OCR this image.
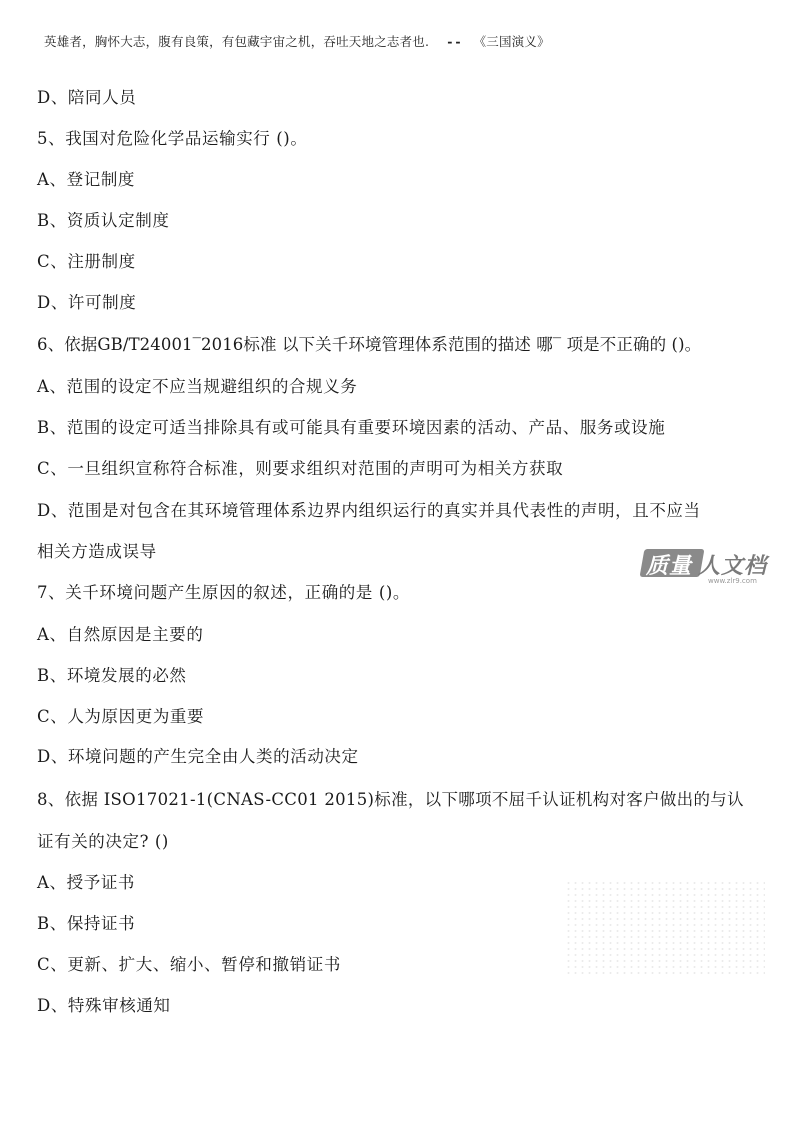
英雄者，胸怀大志，腹有良策，有包藏宇宙之机，吞吐天地之志者也. -- 《三国演义》
D、陪同人员
5、我国对危险化学品运输实行 ()。
A、登记制度
B、资质认定制度
C、注册制度
D、许可制度
6、依据GB/T24001‾2016标准 以下关千环境管理体系范围的描述 哪‾ 项是不正确的 ()。
A、范围的设定不应当规避组织的合规义务
B、范围的设定可适当排除具有或可能具有重要环境因素的活动、产品、服务或设施
C、一旦组织宣称符合标准，则要求组织对范围的声明可为相关方获取
D、范围是对包含在其环境管理体系边界内组织运行的真实并具代表性的声明，且不应当
相关方造成误导
7、关千环境问题产生原因的叙述，正确的是 ()。
A、自然原因是主要的
B、环境发展的必然
C、人为原因更为重要
D、环境问题的产生完全由人类的活动决定
8、依据 ISO17021-1(CNAS-CC01 2015)标准，以下哪项不屈千认证机构对客户做出的与认
证有关的决定? ()
A、授予证书
B、保持证书
C、更新、扩大、缩小、暂停和撤销证书
D、特殊审核通知
质量 人文档
www.zlr9.com
